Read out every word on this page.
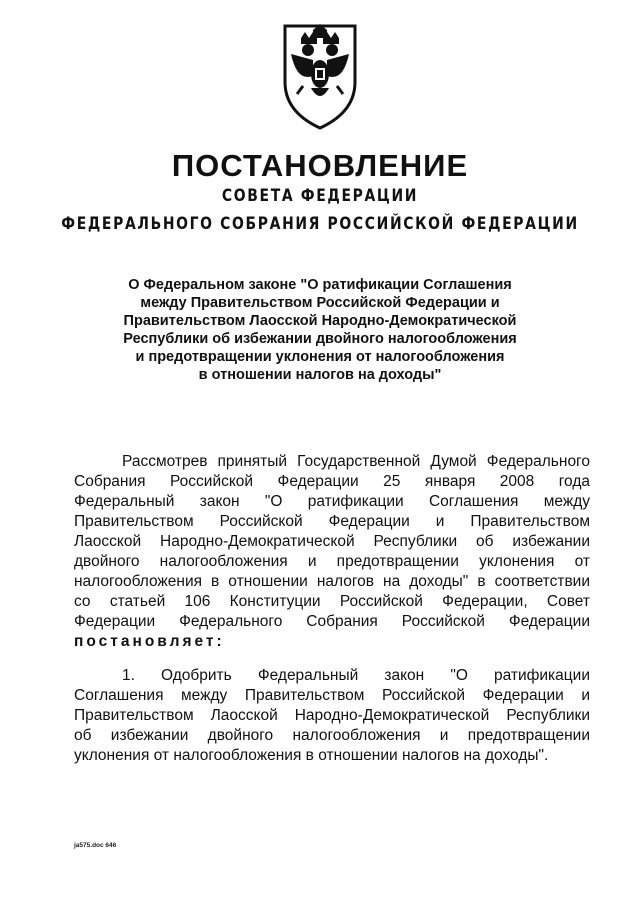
ПОСТАНОВЛЕНИЕ
СОВЕТА ФЕДЕРАЦИИ
ФЕДЕРАЛЬНОГО СОБРАНИЯ РОССИЙСКОЙ ФЕДЕРАЦИИ
О Федеральном законе "О ратификации Соглашения
между Правительством Российской Федерации и
Правительством Лаосской Народно-Демократической
Республики об избежании двойного налогообложения
и предотвращении уклонения от налогообложения
в отношении налогов на доходы"
Рассмотрев принятый Государственной Думой Федерального
Собрания Российской Федерации 25 января 2008 года
Федеральный закон "О ратификации Соглашения между
Правительством Российской Федерации и Правительством
Лаосской Народно-Демократической Республики об избежании
двойного налогообложения и предотвращении уклонения от
налогообложения в отношении налогов на доходы" в соответствии
со статьей 106 Конституции Российской Федерации, Совет
Федерации Федерального Собрания Российской Федерации
постановляет:
1. Одобрить Федеральный закон "О ратификации
Соглашения между Правительством Российской Федерации и
Правительством Лаосской Народно-Демократической Республики
об избежании двойного налогообложения и предотвращении
уклонения от налогообложения в отношении налогов на доходы".
ja575.doc 646
